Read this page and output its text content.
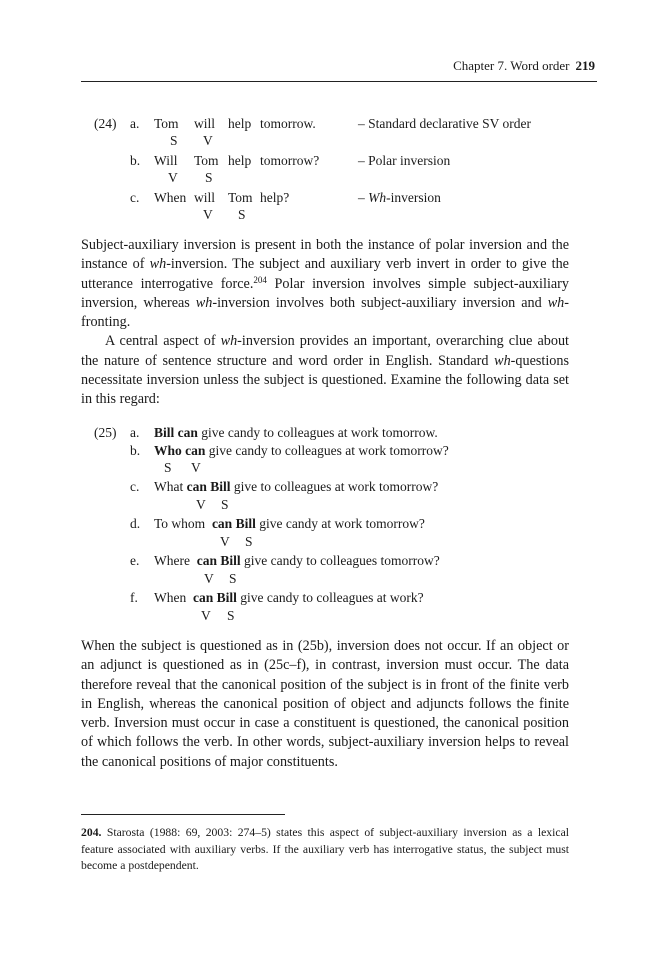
Chapter 7. Word order 219
(24) a. Tom will help tomorrow.	– Standard declarative SV order
S V
b. Will Tom help tomorrow?	– Polar inversion
V S
c. When will Tom help?	– Wh-inversion
V S

Subject-auxiliary inversion is present in both the instance of polar inversion and the instance of wh-inversion. The subject and auxiliary verb invert in order to give the utterance interrogative force.$^{204}$ Polar inversion involves simple subject-auxiliary inversion, whereas wh-inversion involves both subject-auxiliary inversion and wh-fronting.

A central aspect of wh-inversion provides an important, overarching clue about the nature of sentence structure and word order in English. Standard wh-questions necessitate inversion unless the subject is questioned. Examine the following data set in this regard:

(25) a. Bill can give candy to colleagues at work tomorrow.
b. Who can give candy to colleagues at work tomorrow?
S V
c. What can Bill give to colleagues at work tomorrow?
V S
d. To whom  can Bill give candy at work tomorrow?
V S
e. Where  can Bill give candy to colleagues tomorrow?
V S
f. When  can Bill give candy to colleagues at work?
V S

When the subject is questioned as in (25b), inversion does not occur. If an object or an adjunct is questioned as in (25c–f), in contrast, inversion must occur. The data therefore reveal that the canonical position of the subject is in front of the finite verb in English, whereas the canonical position of object and adjuncts follows the finite verb. Inversion must occur in case a constituent is questioned, the canonical position of which follows the verb. In other words, subject-auxiliary inversion helps to reveal the canonical positions of major constituents.

204. Starosta (1988: 69, 2003: 274–5) states this aspect of subject-auxiliary inversion as a lexical feature associated with auxiliary verbs. If the auxiliary verb has interrogative status, the subject must become a postdependent.
